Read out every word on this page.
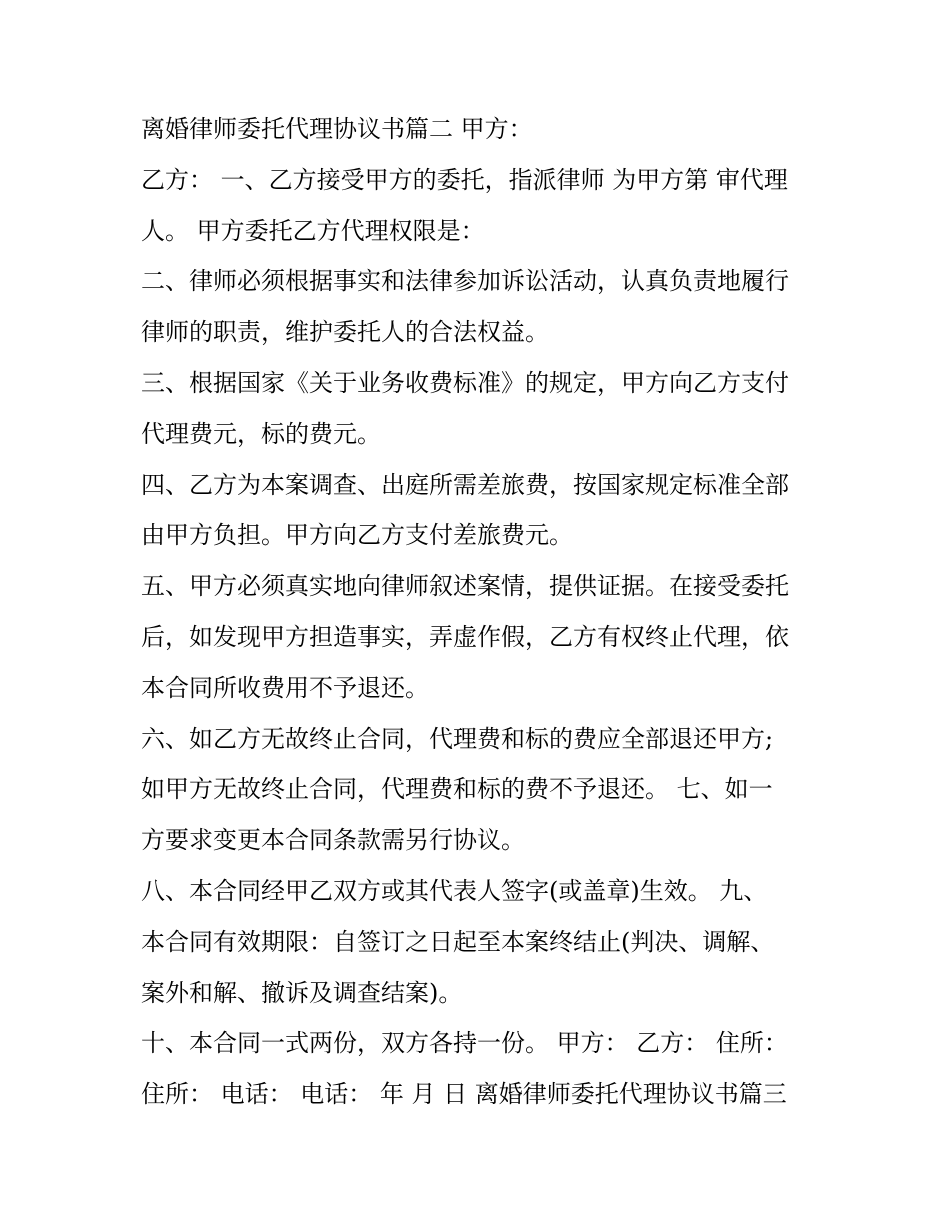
离婚律师委托代理协议书篇二 甲方：
乙方： 一、乙方接受甲方的委托，指派律师 为甲方第 审代理
人。 甲方委托乙方代理权限是：
二、律师必须根据事实和法律参加诉讼活动，认真负责地履行
律师的职责，维护委托人的合法权益。
三、根据国家《关于业务收费标准》的规定，甲方向乙方支付
代理费元，标的费元。
四、乙方为本案调查、出庭所需差旅费，按国家规定标准全部
由甲方负担。甲方向乙方支付差旅费元。
五、甲方必须真实地向律师叙述案情，提供证据。在接受委托
后，如发现甲方担造事实，弄虚作假，乙方有权终止代理，依
本合同所收费用不予退还。
六、如乙方无故终止合同，代理费和标的费应全部退还甲方;
如甲方无故终止合同，代理费和标的费不予退还。 七、如一
方要求变更本合同条款需另行协议。
八、本合同经甲乙双方或其代表人签字(或盖章)生效。 九、
本合同有效期限：自签订之日起至本案终结止(判决、调解、
案外和解、撤诉及调查结案)。
十、本合同一式两份，双方各持一份。 甲方： 乙方： 住所：
住所： 电话： 电话： 年 月 日 离婚律师委托代理协议书篇三
